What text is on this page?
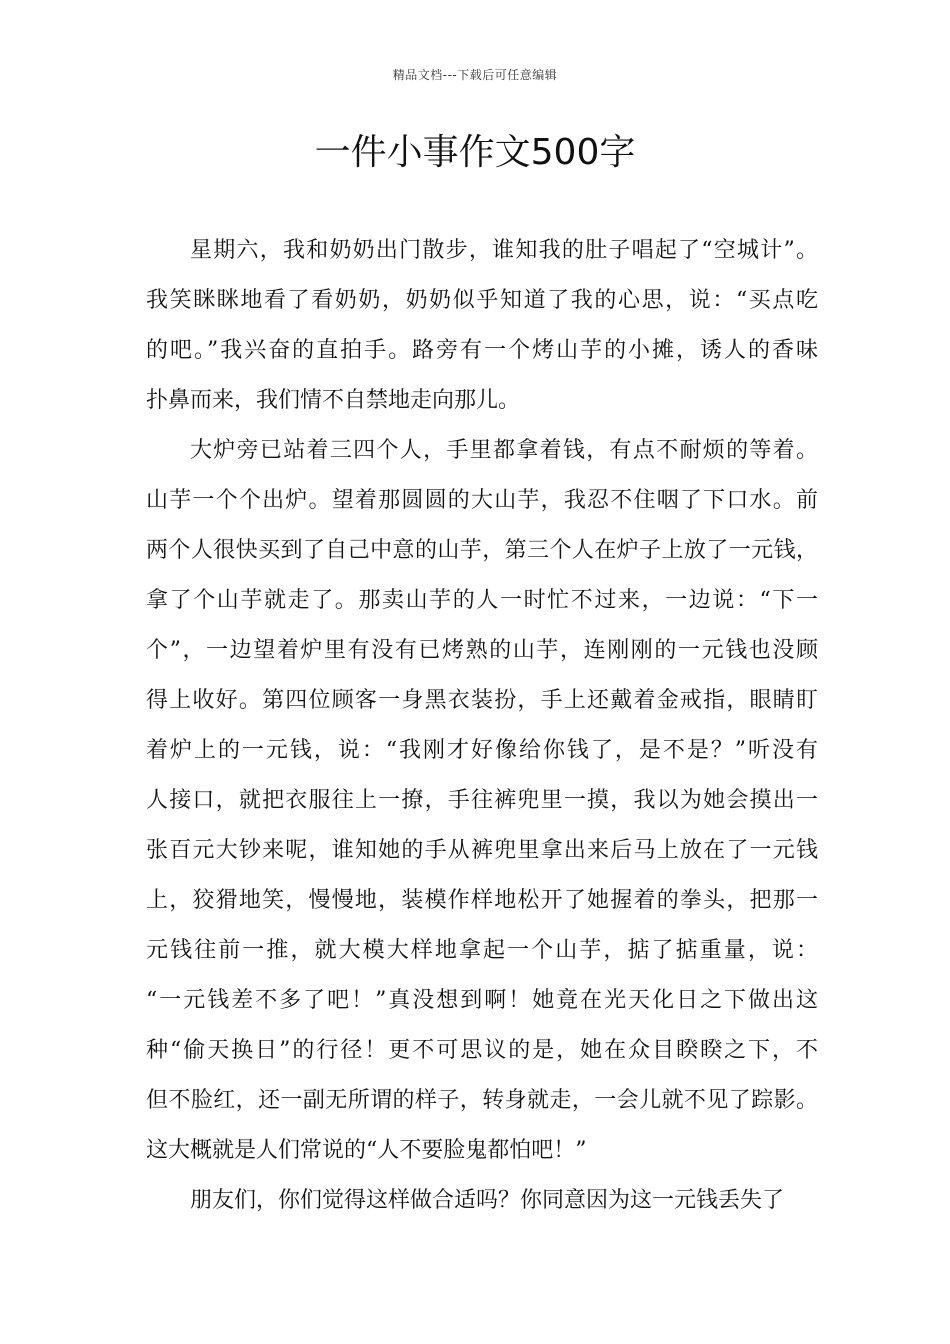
精品文档---下载后可任意编辑
一件小事作文500字
星期六，我和奶奶出门散步，谁知我的肚子唱起了“空城计”。
我笑眯眯地看了看奶奶，奶奶似乎知道了我的心思，说：“买点吃
的吧。”我兴奋的直拍手。路旁有一个烤山芋的小摊，诱人的香味
扑鼻而来，我们情不自禁地走向那儿。
大炉旁已站着三四个人，手里都拿着钱，有点不耐烦的等着。
山芋一个个出炉。望着那圆圆的大山芋，我忍不住咽了下口水。前
两个人很快买到了自己中意的山芋，第三个人在炉子上放了一元钱，
拿了个山芋就走了。那卖山芋的人一时忙不过来，一边说：“下一
个”，一边望着炉里有没有已烤熟的山芋，连刚刚的一元钱也没顾
得上收好。第四位顾客一身黑衣装扮，手上还戴着金戒指，眼睛盯
着炉上的一元钱，说：“我刚才好像给你钱了，是不是？”听没有
人接口，就把衣服往上一撩，手往裤兜里一摸，我以为她会摸出一
张百元大钞来呢，谁知她的手从裤兜里拿出来后马上放在了一元钱
上，狡猾地笑，慢慢地，装模作样地松开了她握着的拳头，把那一
元钱往前一推，就大模大样地拿起一个山芋，掂了掂重量，说：
“一元钱差不多了吧！”真没想到啊！她竟在光天化日之下做出这
种“偷天换日”的行径！更不可思议的是，她在众目睽睽之下，不
但不脸红，还一副无所谓的样子，转身就走，一会儿就不见了踪影。
这大概就是人们常说的“人不要脸鬼都怕吧！”
朋友们，你们觉得这样做合适吗？你同意因为这一元钱丢失了
